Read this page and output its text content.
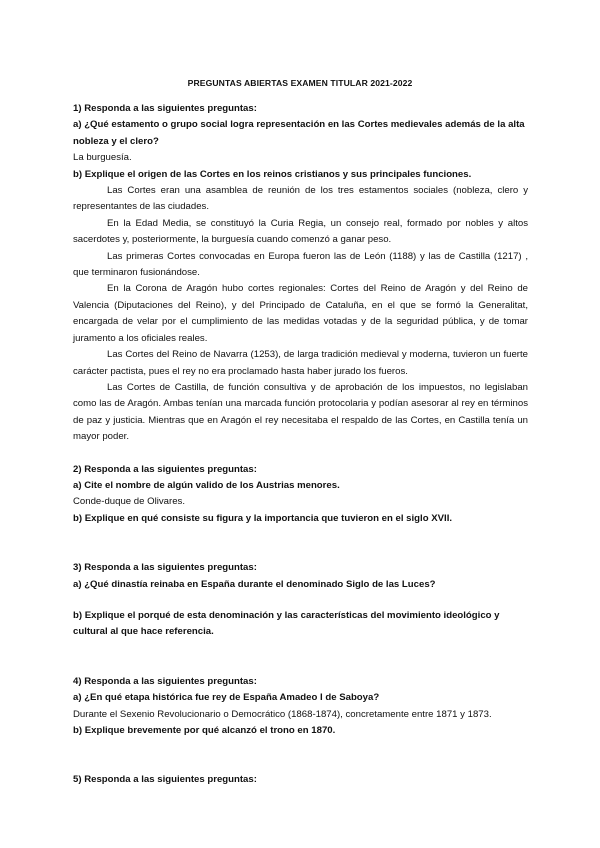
PREGUNTAS ABIERTAS EXAMEN TITULAR 2021-2022

1) Responda a las siguientes preguntas:

a) ¿Qué estamento o grupo social logra representación en las Cortes medievales además de la alta nobleza y el clero?

La burguesía.

b) Explique el origen de las Cortes en los reinos cristianos y sus principales funciones.

Las Cortes eran una asamblea de reunión de los tres estamentos sociales (nobleza, clero y representantes de las ciudades.

En la Edad Media, se constituyó la Curia Regia, un consejo real, formado por nobles y altos sacerdotes y, posteriormente, la burguesía cuando comenzó a ganar peso.

Las primeras Cortes convocadas en Europa fueron las de León (1188) y las de Castilla (1217) , que terminaron fusionándose.

En la Corona de Aragón hubo cortes regionales: Cortes del Reino de Aragón y del Reino de Valencia (Diputaciones del Reino), y del Principado de Cataluña, en el que se formó la Generalitat, encargada de velar por el cumplimiento de las medidas votadas y de la seguridad pública, y de tomar juramento a los oficiales reales.

Las Cortes del Reino de Navarra (1253), de larga tradición medieval y moderna, tuvieron un fuerte carácter pactista, pues el rey no era proclamado hasta haber jurado los fueros.

Las Cortes de Castilla, de función consultiva y de aprobación de los impuestos, no legislaban como las de Aragón. Ambas tenían una marcada función protocolaria y podían asesorar al rey en términos de paz y justicia. Mientras que en Aragón el rey necesitaba el respaldo de las Cortes, en Castilla tenía un mayor poder.

2) Responda a las siguientes preguntas:

a) Cite el nombre de algún valido de los Austrias menores.

Conde-duque de Olivares.

b) Explique en qué consiste su figura y la importancia que tuvieron en el siglo XVII.

3) Responda a las siguientes preguntas:

a) ¿Qué dinastía reinaba en España durante el denominado Siglo de las Luces?

b) Explique el porqué de esta denominación y las características del movimiento ideológico y cultural al que hace referencia.

4) Responda a las siguientes preguntas:

a) ¿En qué etapa histórica fue rey de España Amadeo I de Saboya?

Durante el Sexenio Revolucionario o Democrático (1868-1874), concretamente entre 1871 y 1873.

b) Explique brevemente por qué alcanzó el trono en 1870.

5) Responda a las siguientes preguntas:
